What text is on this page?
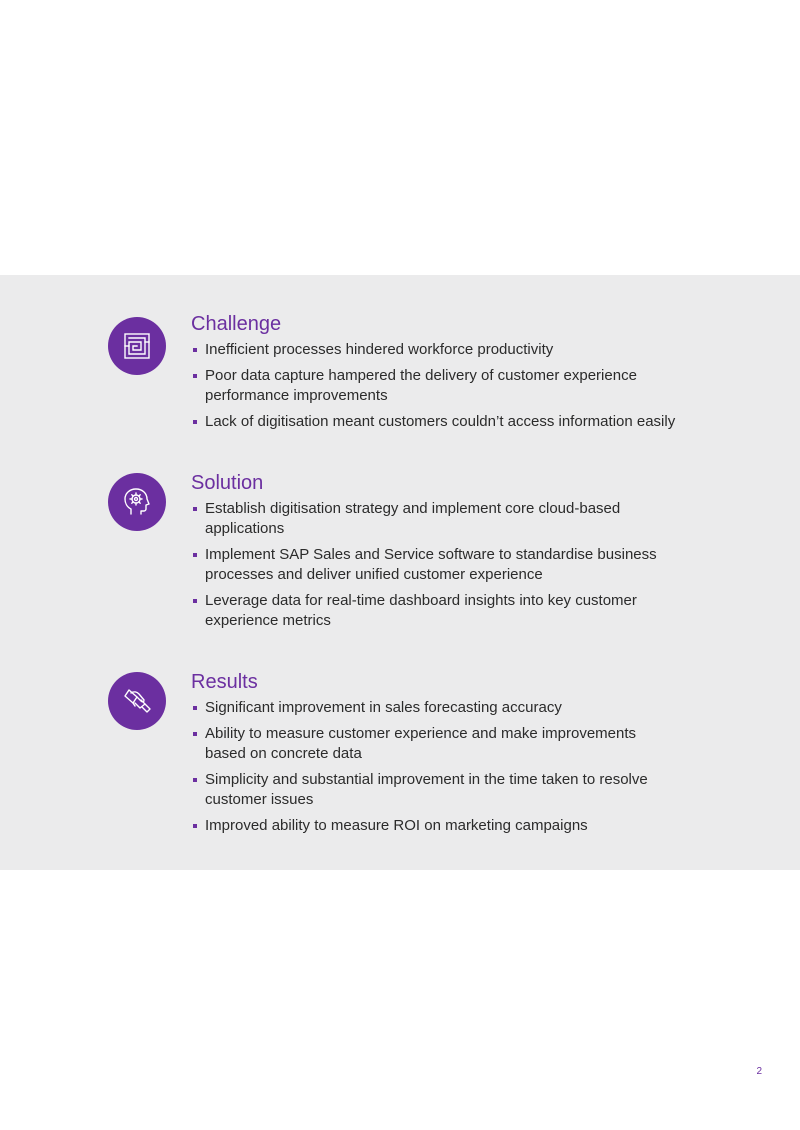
Challenge
Inefficient processes hindered workforce productivity
Poor data capture hampered the delivery of customer experience performance improvements
Lack of digitisation meant customers couldn’t access information easily
Solution
Establish digitisation strategy and implement core cloud-based applications
Implement SAP Sales and Service software to standardise business processes and deliver unified customer experience
Leverage data for real-time dashboard insights into key customer experience metrics
Results
Significant improvement in sales forecasting accuracy
Ability to measure customer experience and make improvements based on concrete data
Simplicity and substantial improvement in the time taken to resolve customer issues
Improved ability to measure ROI on marketing campaigns
2
